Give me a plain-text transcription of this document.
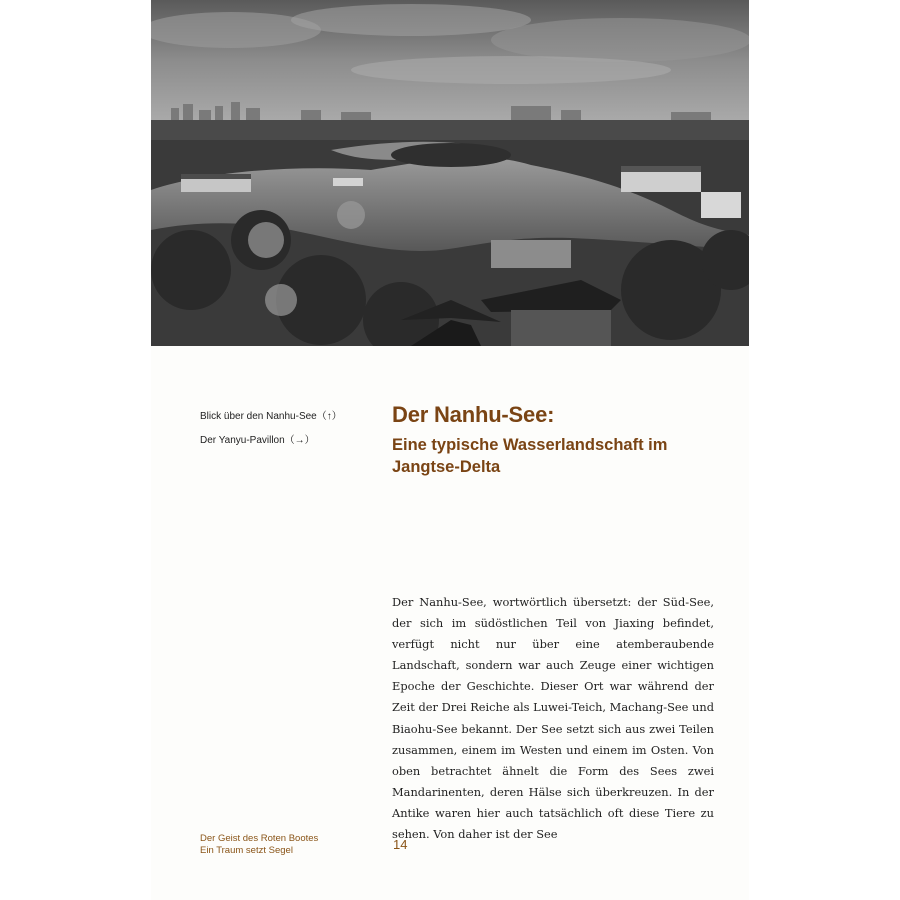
Blick über den Nanhu-See（↑）
Der Yanyu-Pavillon（→）
Der Nanhu-See:
Eine typische Wasserlandschaft im Jangtse-Delta

Der Nanhu-See, wortwörtlich übersetzt: der Süd-See, der sich im südöstlichen Teil von Jiaxing befindet, verfügt nicht nur über eine atemberaubende Landschaft, sondern war auch Zeuge einer wichtigen Epoche der Geschichte. Dieser Ort war während der Zeit der Drei Reiche als Luwei-Teich, Machang-See und Biaohu-See bekannt. Der See setzt sich aus zwei Teilen zusammen, einem im Westen und einem im Osten. Von oben betrachtet ähnelt die Form des Sees zwei Mandarinenten, deren Hälse sich überkreuzen. In der Antike waren hier auch tatsächlich oft diese Tiere zu sehen. Von daher ist der See

Der Geist des Roten Bootes
Ein Traum setzt Segel	14
